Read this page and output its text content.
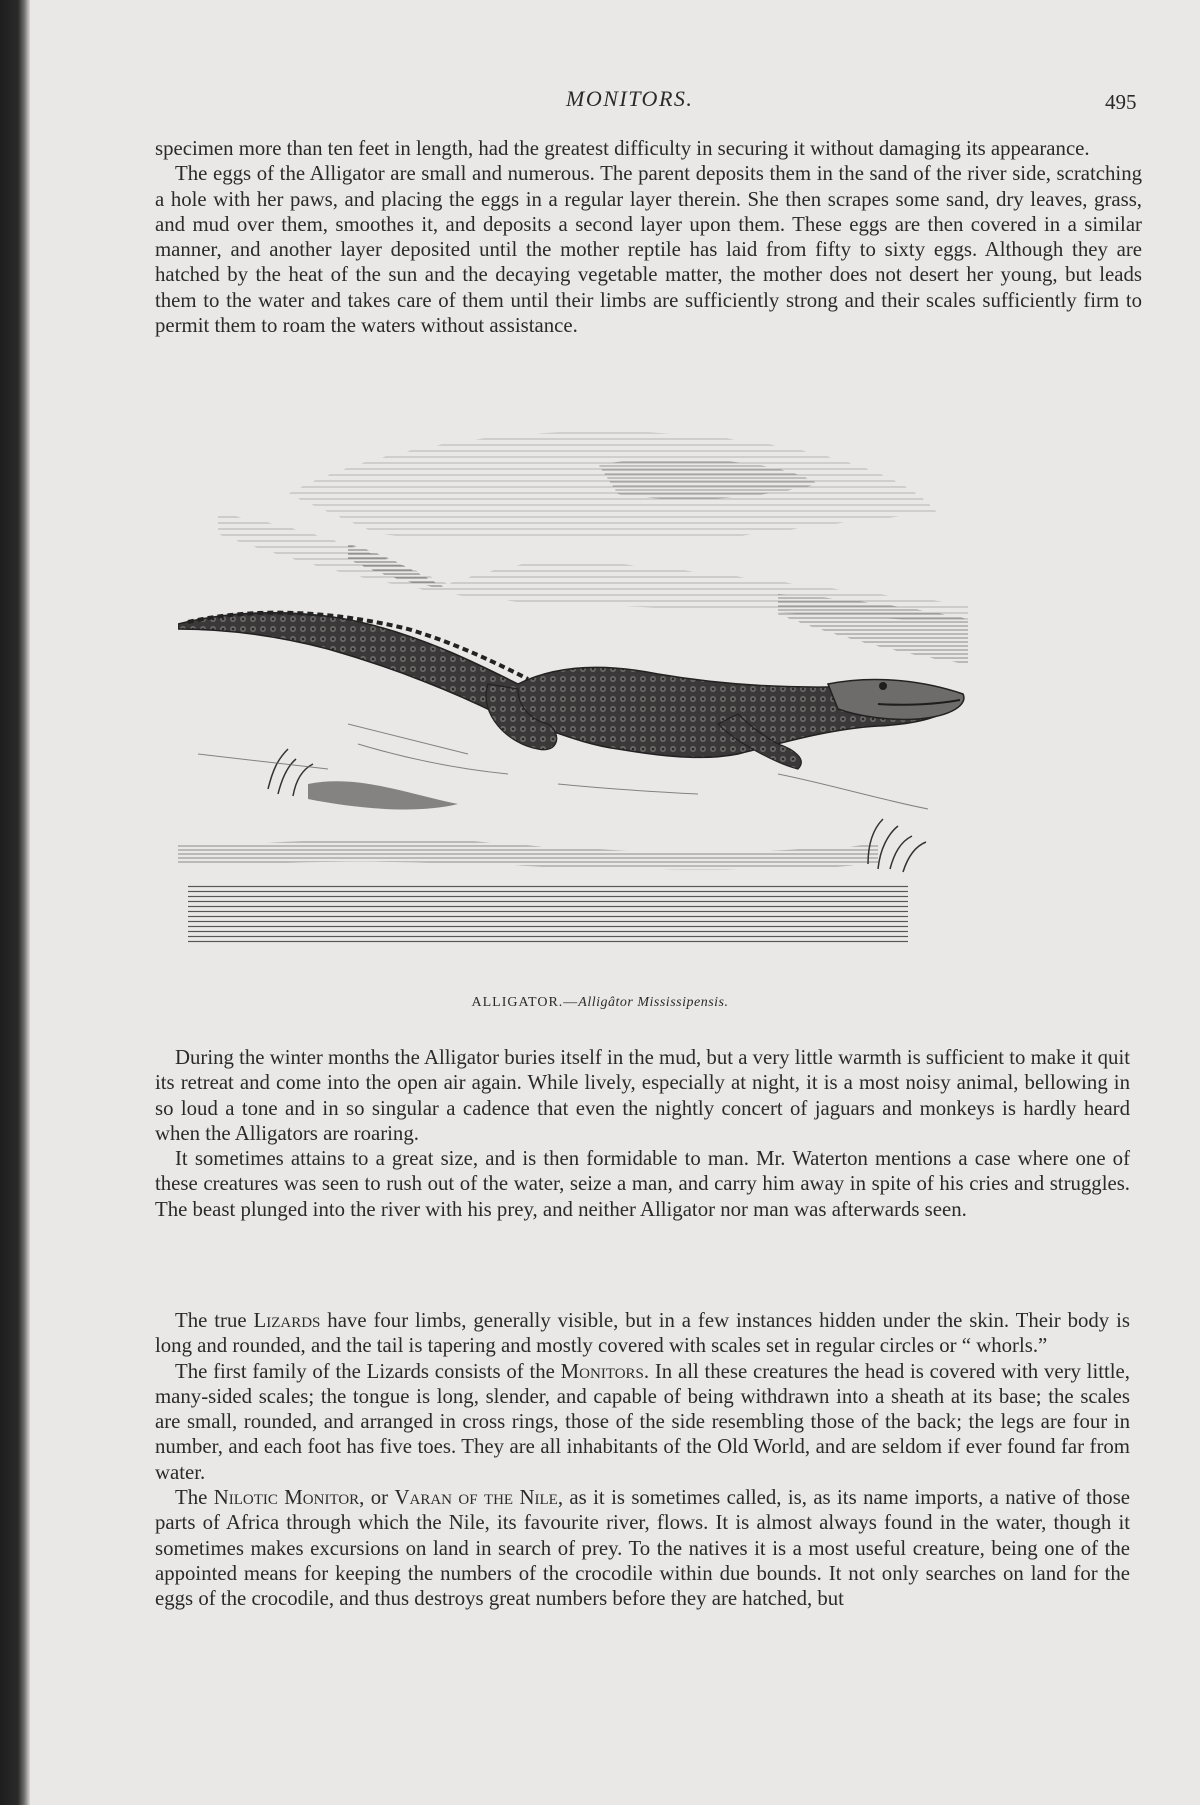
MONITORS.	495

specimen more than ten feet in length, had the greatest difficulty in securing it without damaging its appearance.

The eggs of the Alligator are small and numerous. The parent deposits them in the sand of the river side, scratching a hole with her paws, and placing the eggs in a regular layer therein. She then scrapes some sand, dry leaves, grass, and mud over them, smoothes it, and deposits a second layer upon them. These eggs are then covered in a similar manner, and another layer deposited until the mother reptile has laid from fifty to sixty eggs. Although they are hatched by the heat of the sun and the decaying vegetable matter, the mother does not desert her young, but leads them to the water and takes care of them until their limbs are sufficiently strong and their scales sufficiently firm to permit them to roam the waters without assistance.

ALLIGATOR.—Alligâtor Mississipensis.

During the winter months the Alligator buries itself in the mud, but a very little warmth is sufficient to make it quit its retreat and come into the open air again. While lively, especially at night, it is a most noisy animal, bellowing in so loud a tone and in so singular a cadence that even the nightly concert of jaguars and monkeys is hardly heard when the Alligators are roaring.

It sometimes attains to a great size, and is then formidable to man. Mr. Waterton mentions a case where one of these creatures was seen to rush out of the water, seize a man, and carry him away in spite of his cries and struggles. The beast plunged into the river with his prey, and neither Alligator nor man was afterwards seen.

The true Lizards have four limbs, generally visible, but in a few instances hidden under the skin. Their body is long and rounded, and the tail is tapering and mostly covered with scales set in regular circles or “ whorls.”

The first family of the Lizards consists of the Monitors. In all these creatures the head is covered with very little, many-sided scales; the tongue is long, slender, and capable of being withdrawn into a sheath at its base; the scales are small, rounded, and arranged in cross rings, those of the side resembling those of the back; the legs are four in number, and each foot has five toes. They are all inhabitants of the Old World, and are seldom if ever found far from water.

The Nilotic Monitor, or Varan of the Nile, as it is sometimes called, is, as its name imports, a native of those parts of Africa through which the Nile, its favourite river, flows. It is almost always found in the water, though it sometimes makes excursions on land in search of prey. To the natives it is a most useful creature, being one of the appointed means for keeping the numbers of the crocodile within due bounds. It not only searches on land for the eggs of the crocodile, and thus destroys great numbers before they are hatched, but
